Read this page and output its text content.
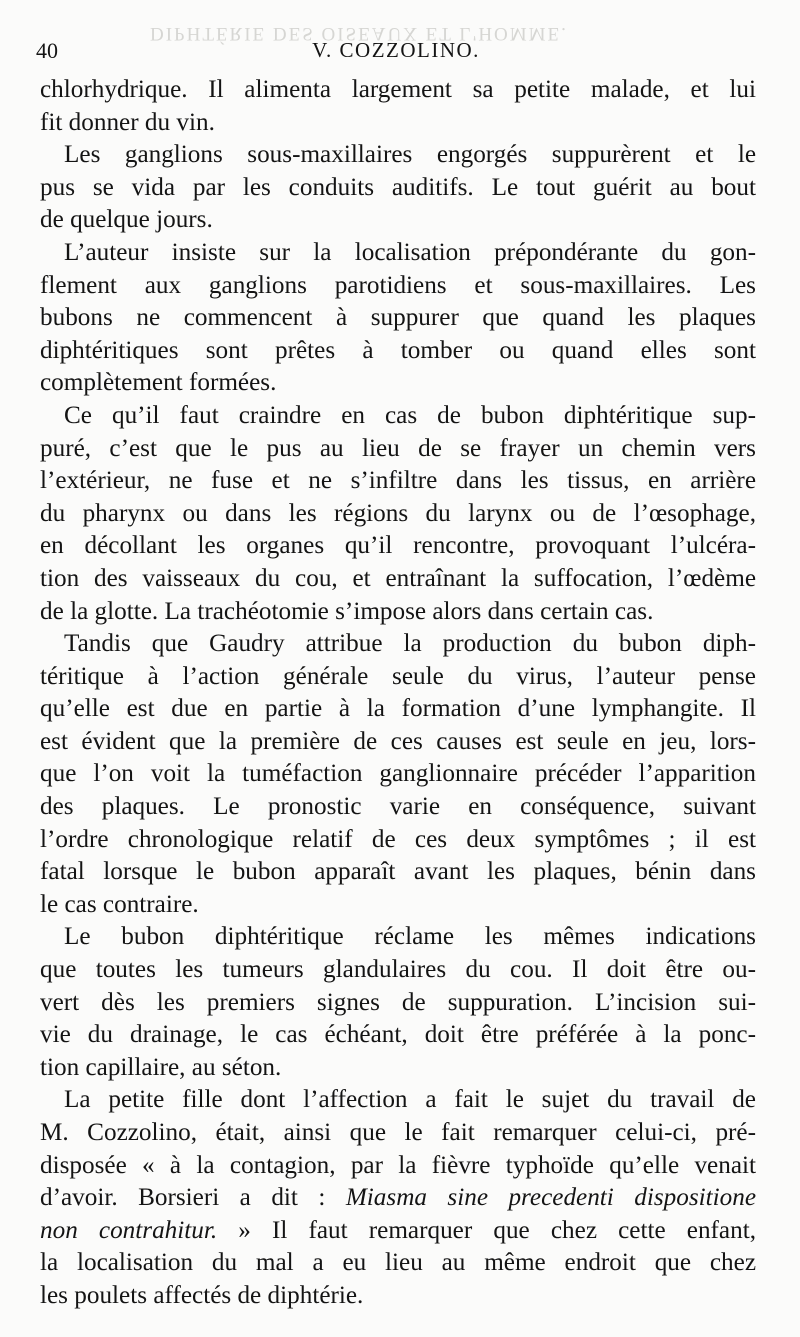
DIPHTÉRIE DES OISEAUX ET L'HOMME.
40	V. COZZOLINO.

chlorhydrique. Il alimenta largement sa petite malade, et lui
fit donner du vin.

Les ganglions sous-maxillaires engorgés suppurèrent et le
pus se vida par les conduits auditifs. Le tout guérit au bout
de quelque jours.

L’auteur insiste sur la localisation prépondérante du gon-
flement aux ganglions parotidiens et sous-maxillaires. Les
bubons ne commencent à suppurer que quand les plaques
diphtéritiques sont prêtes à tomber ou quand elles sont
complètement formées.

Ce qu’il faut craindre en cas de bubon diphtéritique sup-
puré, c’est que le pus au lieu de se frayer un chemin vers
l’extérieur, ne fuse et ne s’infiltre dans les tissus, en arrière
du pharynx ou dans les régions du larynx ou de l’œsophage,
en décollant les organes qu’il rencontre, provoquant l’ulcéra-
tion des vaisseaux du cou, et entraînant la suffocation, l’œdème
de la glotte. La trachéotomie s’impose alors dans certain cas.

Tandis que Gaudry attribue la production du bubon diph-
téritique à l’action générale seule du virus, l’auteur pense
qu’elle est due en partie à la formation d’une lymphangite. Il
est évident que la première de ces causes est seule en jeu, lors-
que l’on voit la tuméfaction ganglionnaire précéder l’apparition
des plaques. Le pronostic varie en conséquence, suivant
l’ordre chronologique relatif de ces deux symptômes ; il est
fatal lorsque le bubon apparaît avant les plaques, bénin dans
le cas contraire.

Le bubon diphtéritique réclame les mêmes indications
que toutes les tumeurs glandulaires du cou. Il doit être ou-
vert dès les premiers signes de suppuration. L’incision sui-
vie du drainage, le cas échéant, doit être préférée à la ponc-
tion capillaire, au séton.

La petite fille dont l’affection a fait le sujet du travail de
M. Cozzolino, était, ainsi que le fait remarquer celui-ci, pré-
disposée « à la contagion, par la fièvre typhoïde qu’elle venait
d’avoir. Borsieri a dit : Miasma sine precedenti dispositione
non contrahitur. » Il faut remarquer que chez cette enfant,
la localisation du mal a eu lieu au même endroit que chez
les poulets affectés de diphtérie.
